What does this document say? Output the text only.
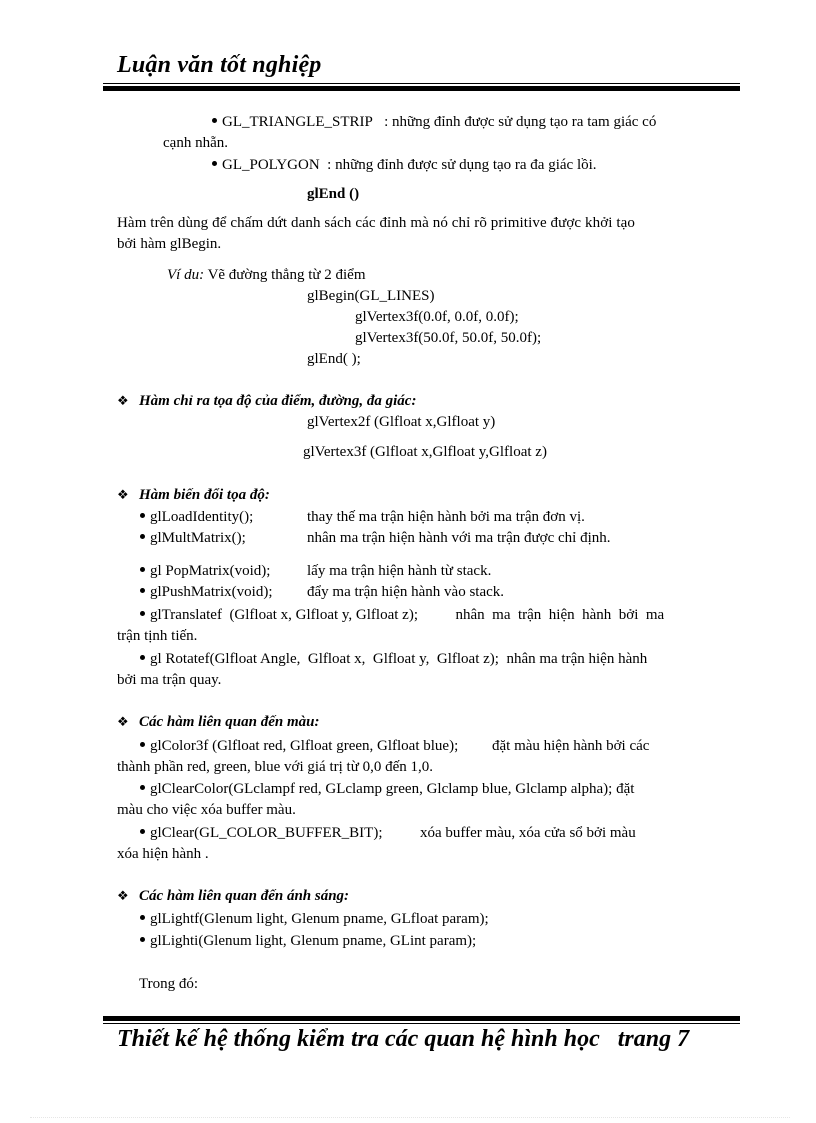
Luận văn tốt nghiệp
GL_TRIANGLE_STRIP : những đỉnh được sử dụng tạo ra tam giác có
cạnh nhẵn.
GL_POLYGON : những đỉnh được sử dụng tạo ra đa giác lồi.
glEnd ()
Hàm trên dùng để chấm dứt danh sách các đỉnh mà nó chỉ rõ primitive được khởi tạo
bởi hàm glBegin.
Ví du: Vẽ đường thẳng từ 2 điểm
glBegin(GL_LINES)
glVertex3f(0.0f, 0.0f, 0.0f);
glVertex3f(50.0f, 50.0f, 50.0f);
glEnd( );
❖ Hàm chỉ ra tọa độ của điểm, đường, đa giác:
glVertex2f (Glfloat x,Glfloat y)
glVertex3f (Glfloat x,Glfloat y,Glfloat z)
❖ Hàm biến đổi tọa độ:
glLoadIdentity();	thay thế ma trận hiện hành bởi ma trận đơn vị.
glMultMatrix();	nhân ma trận hiện hành với ma trận được chỉ định.
gl PopMatrix(void); lấy ma trận hiện hành từ stack.
glPushMatrix(void); đẩy ma trận hiện hành vào stack.
glTranslatef  (Glfloat x, Glfloat y, Glfloat z);          nhân  ma  trận  hiện  hành  bởi  ma
trận tịnh tiến.
gl Rotatef(Glfloat Angle,  Glfloat x,  Glfloat y,  Glfloat z);  nhân ma trận hiện hành
bởi ma trận quay.
❖ Các hàm liên quan đến màu:
glColor3f (Glfloat red, Glfloat green, Glfloat blue);         đặt màu hiện hành bởi các
thành phần red, green, blue với giá trị từ 0,0 đến 1,0.
glClearColor(GLclampf red, GLclamp green, Glclamp blue, Glclamp alpha); đặt
màu cho việc xóa buffer màu.
glClear(GL_COLOR_BUFFER_BIT);          xóa buffer màu, xóa cửa sổ bởi màu
xóa hiện hành .
❖ Các hàm liên quan đến ánh sáng:
glLightf(Glenum light, Glenum pname, GLfloat param);
glLighti(Glenum light, Glenum pname, GLint param);
Trong đó:
Thiết kế hệ thống kiểm tra các quan hệ hình học trang 7
